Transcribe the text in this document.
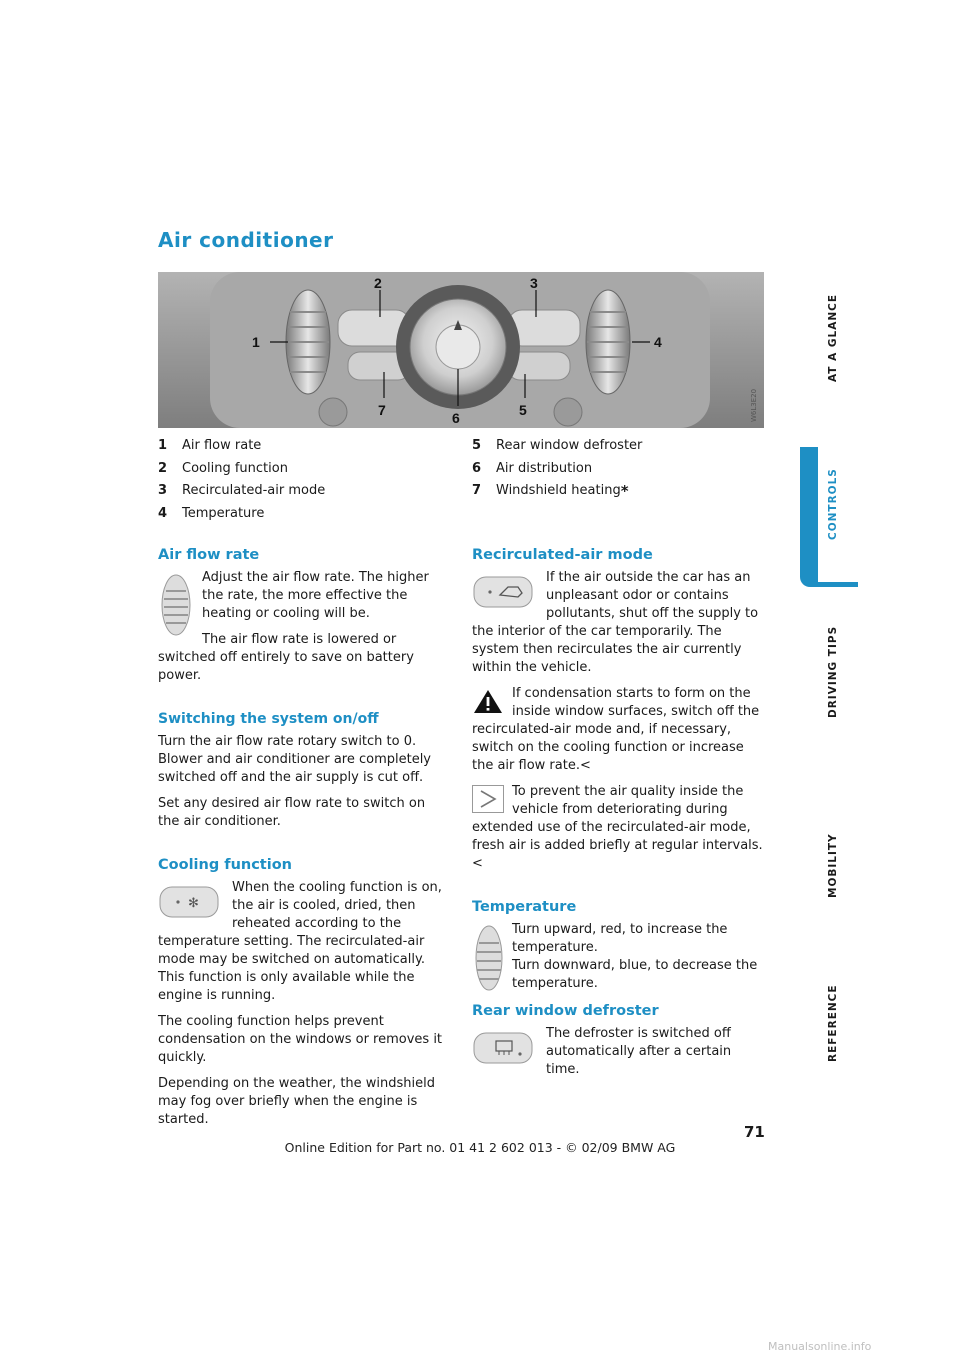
Air conditioner
1
2	3
4
5
6
7	W6L3E20
1	Air flow rate
2	Cooling function
3	Recirculated-air mode
4	Temperature
5	Rear window defroster
6	Air distribution
7	Windshield heating *
Air flow rate
Adjust the air flow rate. The higher the rate, the more effective the heating or cooling will be.
The air flow rate is lowered or switched off entirely to save on battery power.
Switching the system on/off
Turn the air flow rate rotary switch to 0. Blower and air conditioner are completely switched off and the air supply is cut off.
Set any desired air flow rate to switch on the air conditioner.
Cooling function
✻
When the cooling function is on, the air is cooled, dried, then reheated according to the temperature setting. The recirculated-air mode may be switched on automatically. This function is only available while the engine is running.
The cooling function helps prevent condensation on the windows or removes it quickly.
Depending on the weather, the windshield may fog over briefly when the engine is started.
Recirculated-air mode
If the air outside the car has an unpleasant odor or contains pollutants, shut off the supply to the interior of the car temporarily. The system then recirculates the air currently within the vehicle.
If condensation starts to form on the inside window surfaces, switch off the recirculated-air mode and, if necessary, switch on the cooling function or increase the air flow rate.<
To prevent the air quality inside the vehicle from deteriorating during extended use of the recirculated-air mode, fresh air is added briefly at regular intervals.<
Temperature
Turn upward, red, to increase the temperature.
Turn downward, blue, to decrease the temperature.
Rear window defroster
The defroster is switched off automatically after a certain time.
AT A GLANCE
CONTROLS
DRIVING TIPS
MOBILITY
REFERENCE
71
Online Edition for Part no. 01 41 2 602 013 - © 02/09 BMW AG
Manualsonline.info
